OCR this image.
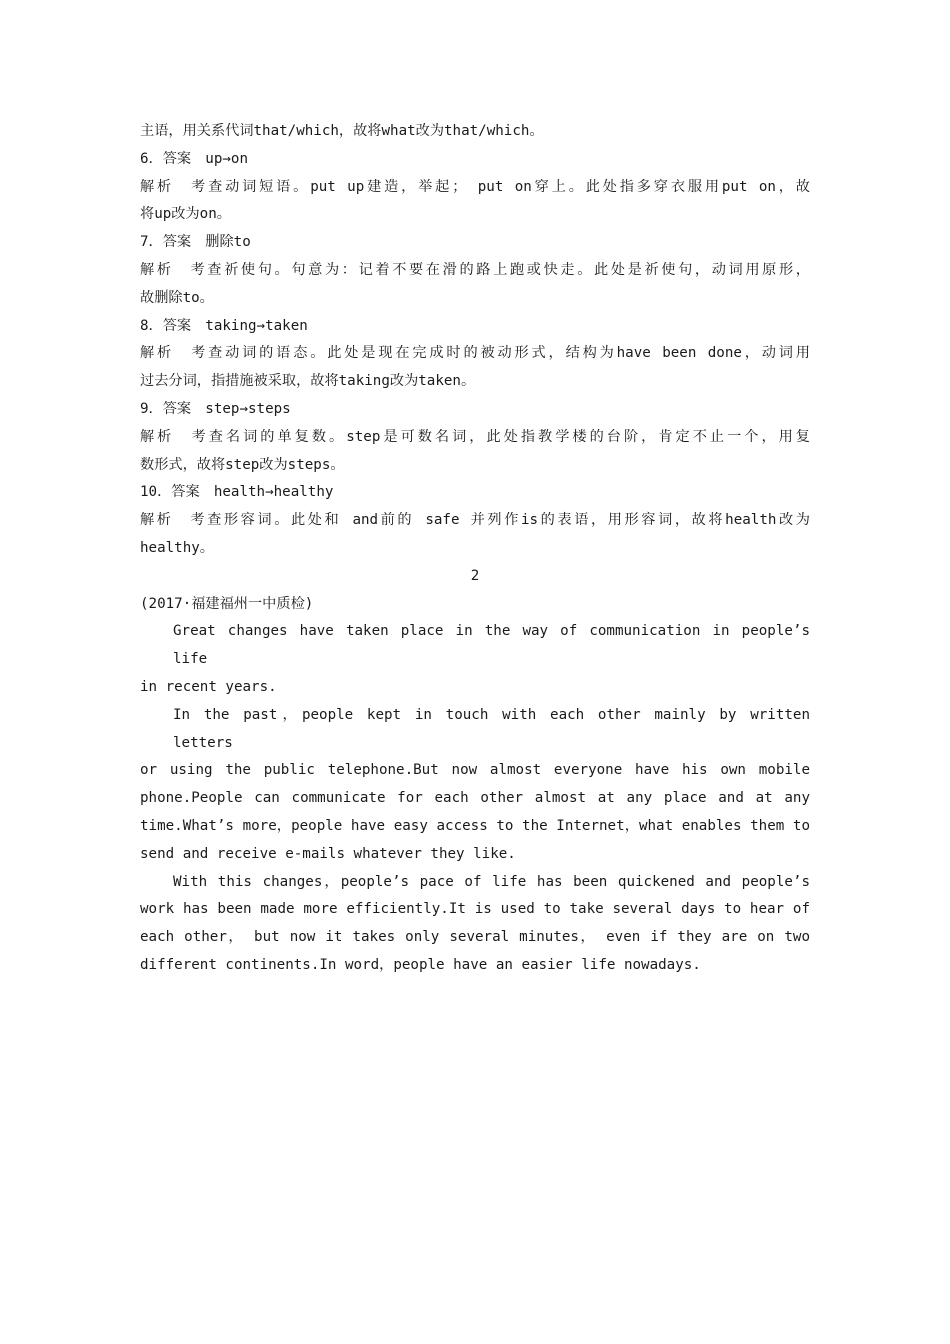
主语，用关系代词that/which，故将what改为that/which。
6．答案　up→on
解析　考查动词短语。put up建造，举起； put on穿上。此处指多穿衣服用put on，故
将up改为on。
7．答案　删除to
解析　考查祈使句。句意为：记着不要在滑的路上跑或快走。此处是祈使句，动词用原形，
故删除to。
8．答案　taking→taken
解析　考查动词的语态。此处是现在完成时的被动形式，结构为have been done，动词用
过去分词，指措施被采取，故将taking改为taken。
9．答案　step→steps
解析　考查名词的单复数。step是可数名词，此处指教学楼的台阶，肯定不止一个，用复
数形式，故将step改为steps。
10．答案　health→healthy
解析　考查形容词。此处和 and前的 safe 并列作is的表语，用形容词，故将health改为
healthy。
2
(2017·福建福州一中质检)
Great changes have taken place in the way of communication in people’s life
in recent years.
In the past，people kept in touch with each other mainly by written letters
or using the public telephone.But now almost everyone have his own mobile
phone.People can communicate for each other almost at any place and at any
time.What’s more，people have easy access to the Internet，what enables them to
send and receive e-mails whatever they like.
With this changes，people’s pace of life has been quickened and people’s
work has been made more efficiently.It is used to take several days to hear of
each other， but now it takes only several minutes， even if they are on two
different continents.In word，people have an easier life nowadays.
